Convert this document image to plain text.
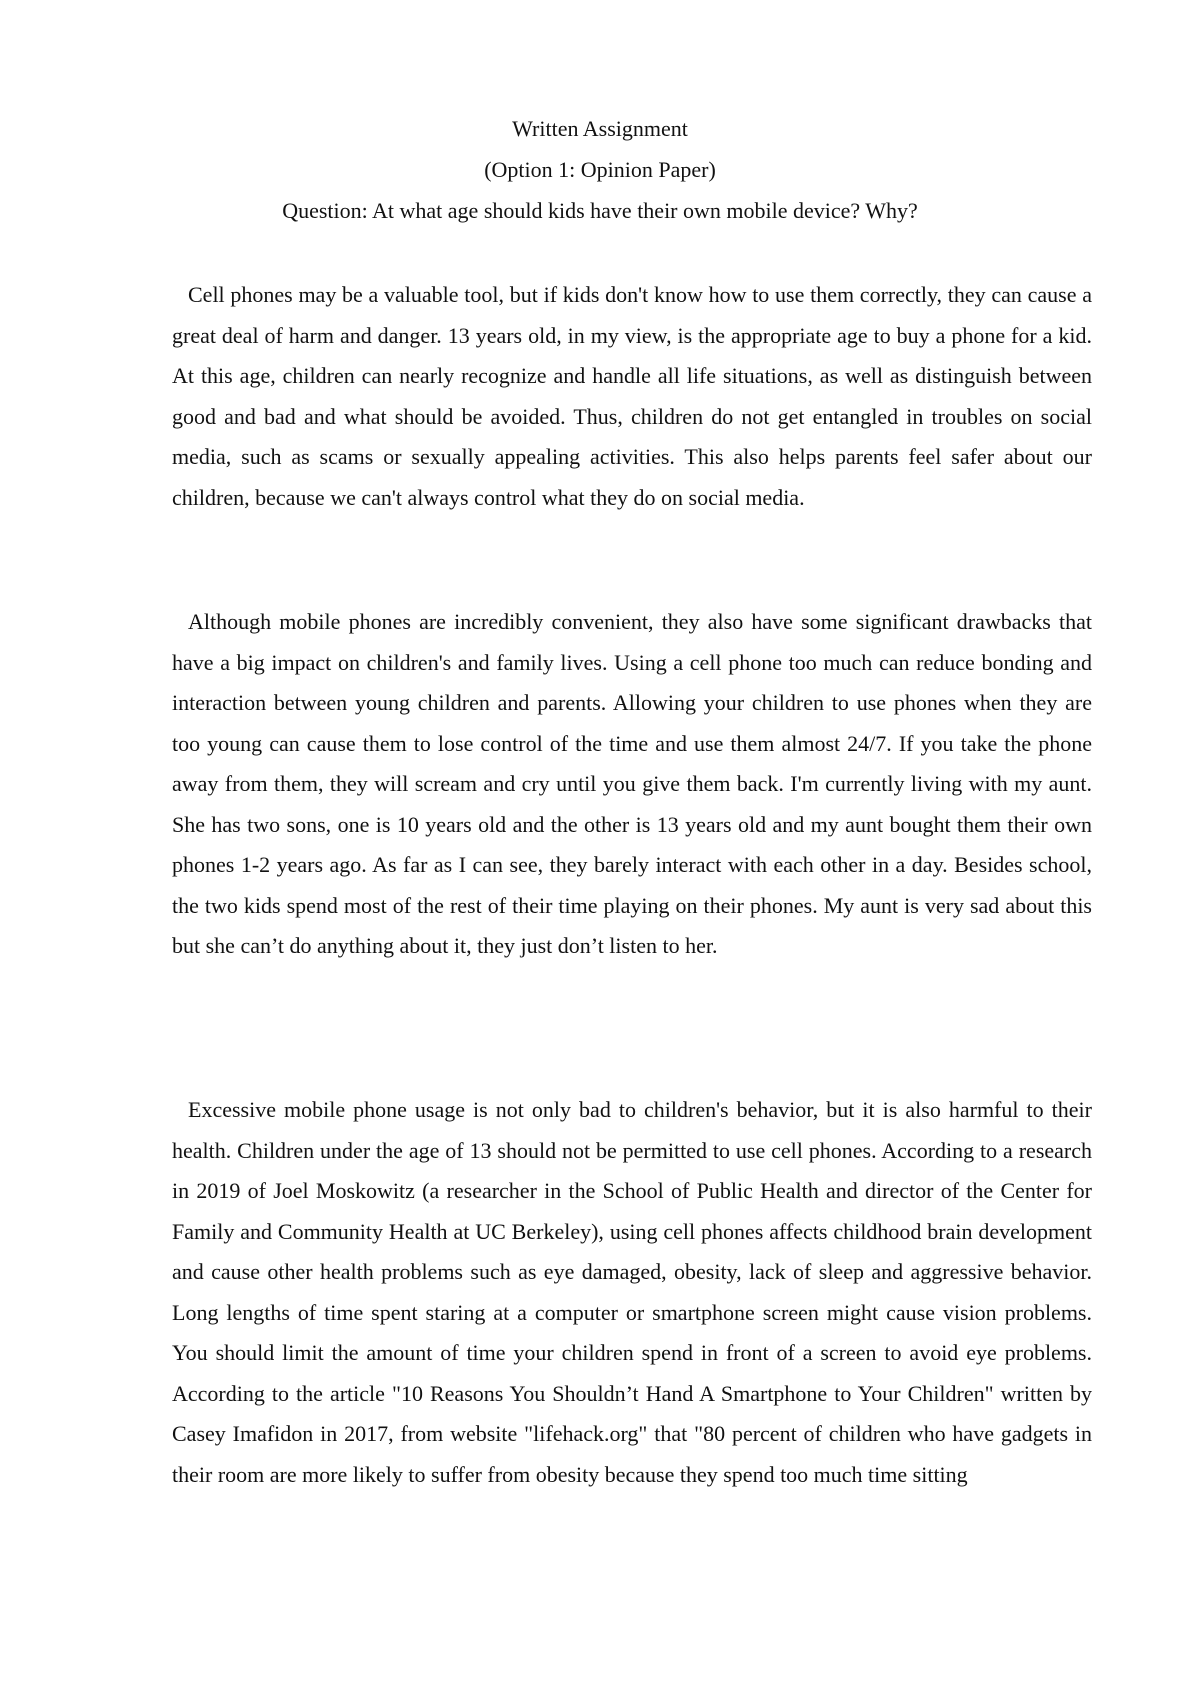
Written Assignment
(Option 1: Opinion Paper)
Question: At what age should kids have their own mobile device? Why?

Cell phones may be a valuable tool, but if kids don't know how to use them correctly, they can cause a great deal of harm and danger. 13 years old, in my view, is the appropriate age to buy a phone for a kid. At this age, children can nearly recognize and handle all life situations, as well as distinguish between good and bad and what should be avoided. Thus, children do not get entangled in troubles on social media, such as scams or sexually appealing activities. This also helps parents feel safer about our children, because we can't always control what they do on social media.

Although mobile phones are incredibly convenient, they also have some significant drawbacks that have a big impact on children's and family lives. Using a cell phone too much can reduce bonding and interaction between young children and parents. Allowing your children to use phones when they are too young can cause them to lose control of the time and use them almost 24/7. If you take the phone away from them, they will scream and cry until you give them back. I'm currently living with my aunt. She has two sons, one is 10 years old and the other is 13 years old and my aunt bought them their own phones 1-2 years ago. As far as I can see, they barely interact with each other in a day. Besides school, the two kids spend most of the rest of their time playing on their phones. My aunt is very sad about this but she can’t do anything about it, they just don’t listen to her.

Excessive mobile phone usage is not only bad to children's behavior, but it is also harmful to their health. Children under the age of 13 should not be permitted to use cell phones. According to a research in 2019 of Joel Moskowitz (a researcher in the School of Public Health and director of the Center for Family and Community Health at UC Berkeley), using cell phones affects childhood brain development and cause other health problems such as eye damaged, obesity, lack of sleep and aggressive behavior. Long lengths of time spent staring at a computer or smartphone screen might cause vision problems. You should limit the amount of time your children spend in front of a screen to avoid eye problems. According to the article "10 Reasons You Shouldn’t Hand A Smartphone to Your Children" written by Casey Imafidon in 2017, from website "lifehack.org" that "80 percent of children who have gadgets in their room are more likely to suffer from obesity because they spend too much time sitting
